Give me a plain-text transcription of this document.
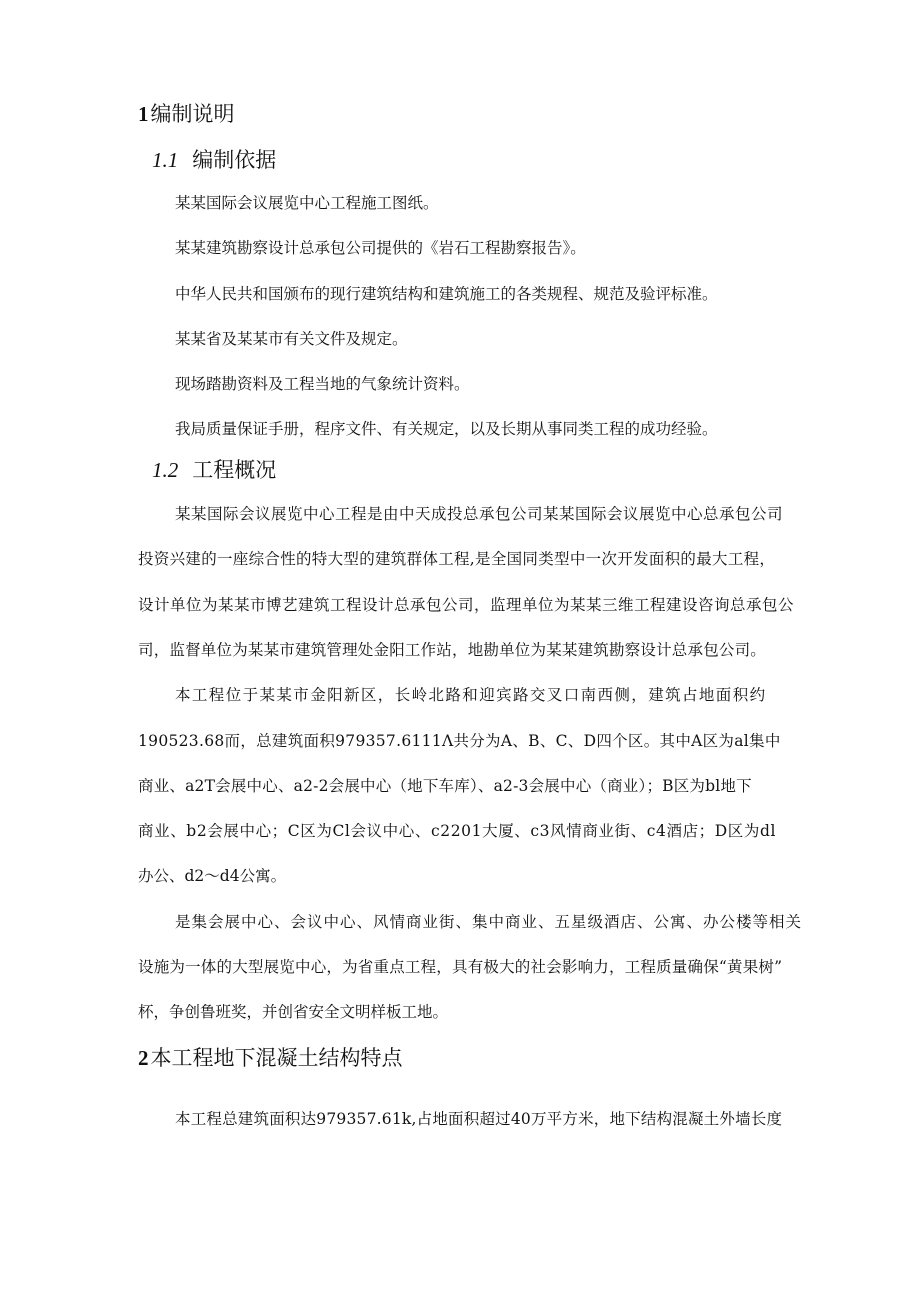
1编制说明
1.1 编制依据
某某国际会议展览中心工程施工图纸。
某某建筑勘察设计总承包公司提供的《岩石工程勘察报告》。
中华人民共和国颁布的现行建筑结构和建筑施工的各类规程、规范及验评标准。
某某省及某某市有关文件及规定。
现场踏勘资料及工程当地的气象统计资料。
我局质量保证手册，程序文件、有关规定，以及长期从事同类工程的成功经验。
1.2 工程概况
某某国际会议展览中心工程是由中天成投总承包公司某某国际会议展览中心总承包公司
投资兴建的一座综合性的特大型的建筑群体工程,是全国同类型中一次开发面积的最大工程，
设计单位为某某市博艺建筑工程设计总承包公司，监理单位为某某三维工程建设咨询总承包公
司，监督单位为某某市建筑管理处金阳工作站，地勘单位为某某建筑勘察设计总承包公司。
本工程位于某某市金阳新区，长岭北路和迎宾路交叉口南西侧，建筑占地面积约
190523.68而，总建筑面积979357.6111Λ共分为A、B、C、D四个区。其中A区为al集中
商业、a2T会展中心、a2-2会展中心（地下车库）、a2-3会展中心（商业）；B区为bl地下
商业、b2会展中心；C区为Cl会议中心、c2201大厦、c3风情商业街、c4酒店；D区为dl
办公、d2～d4公寓。
是集会展中心、会议中心、风情商业街、集中商业、五星级酒店、公寓、办公楼等相关
设施为一体的大型展览中心，为省重点工程，具有极大的社会影响力，工程质量确保“黄果树”
杯，争创鲁班奖，并创省安全文明样板工地。
2本工程地下混凝土结构特点
本工程总建筑面积达979357.61k,占地面积超过40万平方米，地下结构混凝土外墙长度
